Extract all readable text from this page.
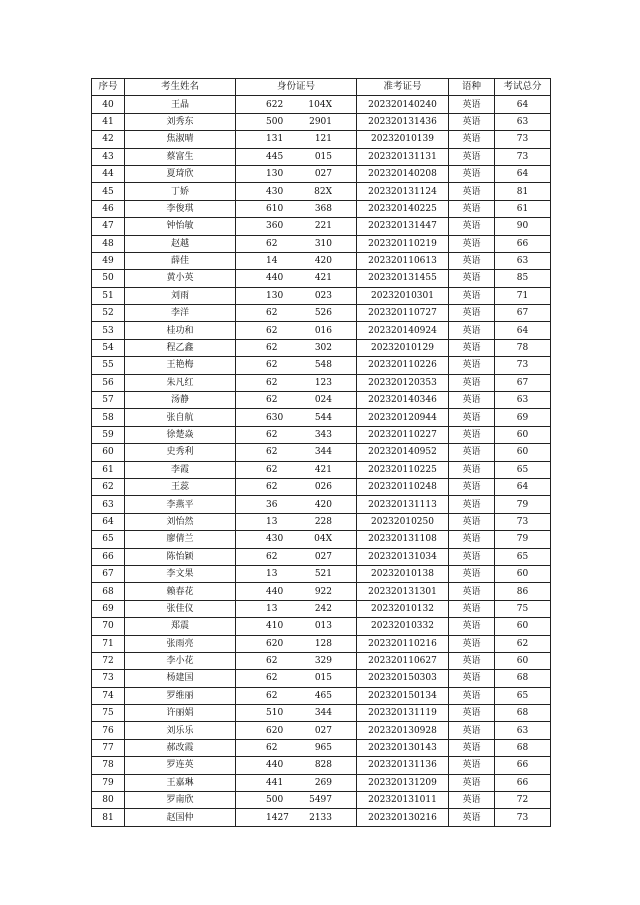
序号	考生姓名	身份证号	准考证号	语种	考试总分
40	王晶	622 104X	202320140240	英语	64
41	刘秀东	500 2901	202320131436	英语	63
42	焦淑晴	131 121	20232010139	英语	73
43	蔡富生	445 015	202320131131	英语	73
44	夏琦欣	130 027	202320140208	英语	64
45	丁娇	430 82X	202320131124	英语	81
46	李俊琪	610 368	202320140225	英语	61
47	钟怡敏	360 221	202320131447	英语	90
48	赵越	62 310	202320110219	英语	66
49	薛佳	14 420	202320110613	英语	63
50	黄小英	440 421	202320131455	英语	85
51	刘雨	130 023	20232010301	英语	71
52	李洋	62 526	202320110727	英语	67
53	桂功和	62 016	202320140924	英语	64
54	程乙鑫	62 302	20232010129	英语	78
55	王艳梅	62 548	202320110226	英语	73
56	朱凡红	62 123	202320120353	英语	67
57	汤静	62 024	202320140346	英语	63
58	张自航	630 544	202320120944	英语	69
59	徐楚焱	62 343	202320110227	英语	60
60	史秀利	62 344	202320140952	英语	60
61	李霞	62 421	202320110225	英语	65
62	王蕊	62 026	202320110248	英语	64
63	李燕平	36 420	202320131113	英语	79
64	刘怡然	13 228	20232010250	英语	73
65	廖倩兰	430 04X	202320131108	英语	79
66	陈怡颖	62 027	202320131034	英语	65
67	李文果	13 521	20232010138	英语	60
68	赖春花	440 922	202320131301	英语	86
69	张佳仪	13 242	20232010132	英语	75
70	郑震	410 013	20232010332	英语	60
71	张雨亮	620 128	202320110216	英语	62
72	李小花	62 329	202320110627	英语	60
73	杨建国	62 015	202320150303	英语	68
74	罗维丽	62 465	202320150134	英语	65
75	许丽娟	510 344	202320131119	英语	68
76	刘乐乐	620 027	202320130928	英语	63
77	郝改霞	62 965	202320130143	英语	68
78	罗连英	440 828	202320131136	英语	66
79	王嘉琳	441 269	202320131209	英语	66
80	罗南欣	500 5497	202320131011	英语	72
81	赵国仲	1427 2133	202320130216	英语	73
